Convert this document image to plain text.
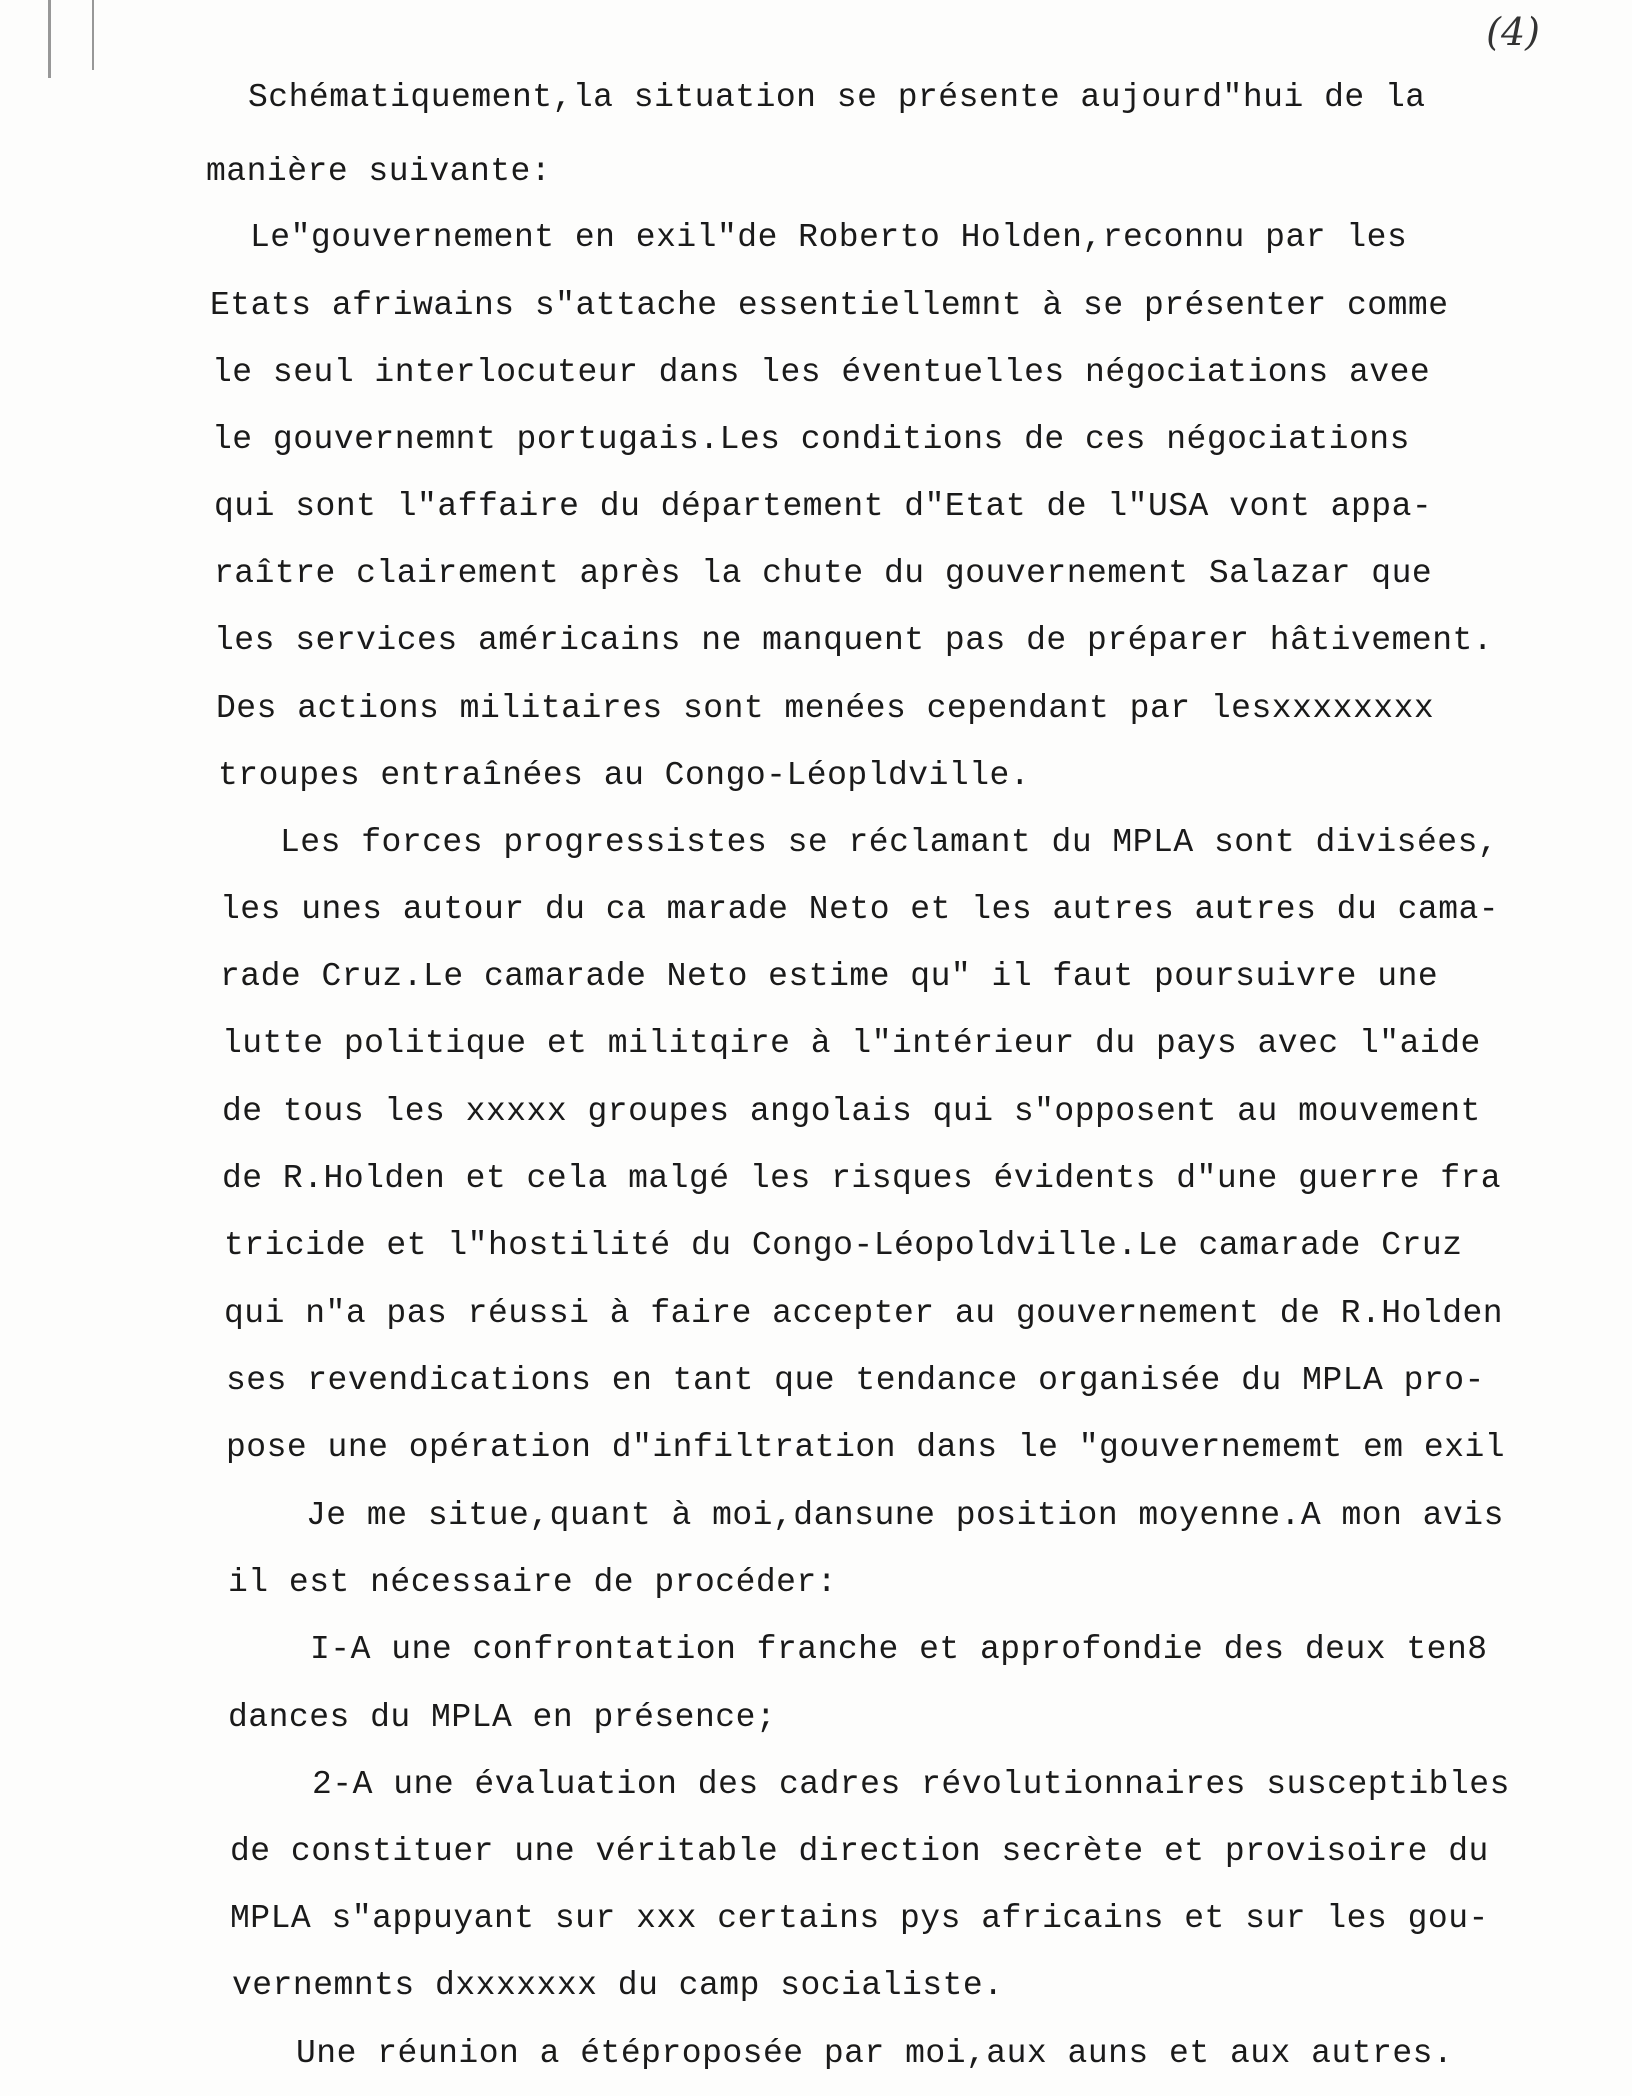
(4)
Schématiquement,la situation se présente aujourd"hui de la
manière suivante:
Le"gouvernement en exil"de Roberto Holden,reconnu par les
Etats afriwains s"attache essentiellemnt à se présenter comme
le seul interlocuteur dans les éventuelles négociations avee
le gouvernemnt portugais.Les conditions de ces négociations
qui sont l"affaire du département d"Etat de l"USA vont appa-
raître clairement après la chute du gouvernement Salazar que
les services américains ne manquent pas de préparer hâtivement.
Des actions militaires sont menées cependant par lesxxxxxxxx
troupes entraînées au Congo-Léopldville.
Les forces progressistes se réclamant du MPLA sont divisées,
les unes autour du ca marade Neto et les autres autres du cama-
rade Cruz.Le camarade Neto estime qu" il faut poursuivre une
lutte politique et militqire à l"intérieur du pays avec l"aide
de tous les xxxxx groupes angolais qui s"opposent au mouvement
de R.Holden et cela malgé les risques évidents d"une guerre fra
tricide et l"hostilité du Congo-Léopoldville.Le camarade Cruz
qui n"a pas réussi à faire accepter au gouvernement de R.Holden
ses revendications en tant que tendance organisée du MPLA pro-
pose une opération d"infiltration dans le "gouvernememt em exil
Je me situe,quant à moi,dansune position moyenne.A mon avis
il est nécessaire de procéder:
I-A une confrontation franche et approfondie des deux ten8
dances du MPLA en présence;
2-A une évaluation des cadres révolutionnaires susceptibles
de constituer une véritable direction secrète et provisoire du
MPLA s"appuyant sur xxx certains pys africains et sur les gou-
vernemnts dxxxxxxx du camp socialiste.
Une réunion a étéproposée par moi,aux auns et aux autres.
